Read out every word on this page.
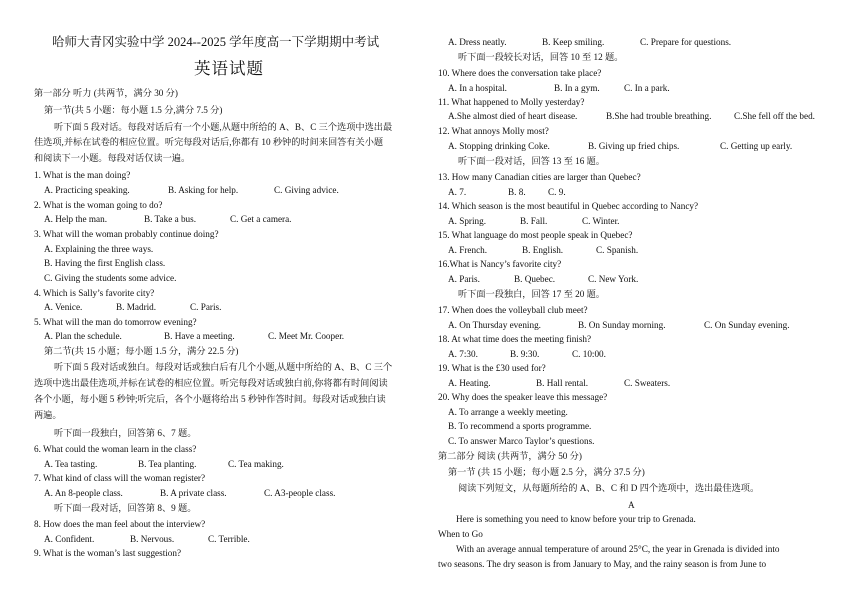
哈师大青冈实验中学 2024--2025 学年度高一下学期期中考试
英语试题
第一部分 听力 (共两节，满分 30 分)
第一节(共 5 小题：每小题 1.5 分,满分 7.5 分)
听下面 5 段对话。每段对话后有一个小题,从题中所给的 A、B、C 三个选项中选出最
佳选项,并标在试卷的相应位置。听完每段对话后,你都有 10 秒钟的时间来回答有关小题
和阅读下一小题。每段对话仅读一遍。
1. What is the man doing?
A. Practicing speaking.	B. Asking for help.	C. Giving advice.
2. What is the woman going to do?
A. Help the man.	B. Take a bus.	C. Get a camera.
3. What will the woman probably continue doing?
A. Explaining the three ways.
B. Having the first English class.
C. Giving the students some advice.
4. Which is Sally’s favorite city?
A. Venice.	B. Madrid.	C. Paris.
5. What will the man do tomorrow evening?
A. Plan the schedule.	B. Have a meeting.	C. Meet Mr. Cooper.
第二节(共 15 小题；每小题 1.5 分，满分 22.5 分)
听下面 5 段对话或独白。每段对话或独白后有几个小题,从题中所给的 A、B、C 三个
选项中选出最佳选项,并标在试卷的相应位置。听完每段对话或独白前,你将都有时间阅读
各个小题，每小题 5 秒钟;听完后，各个小题将给出 5 秒钟作答时间。每段对话或独白读
两遍。
听下面一段独白，回答第 6、7 题。
6. What could the woman learn in the class?
A. Tea tasting.	B. Tea planting.	C. Tea making.
7. What kind of class will the woman register?
A. An 8-people class.	B. A private class.	C. A3-people class.
听下面一段对话，回答第 8、9 题。
8. How does the man feel about the interview?
A. Confident.	B. Nervous.	C. Terrible.
9. What is the woman’s last suggestion?
A. Dress neatly.	B. Keep smiling.	C. Prepare for questions.
听下面一段较长对话，回答 10 至 12 题。
10. Where does the conversation take place?
A. In a hospital.	B. In a gym.	C. In a park.
11. What happened to Molly yesterday?
A.She almost died of heart disease.	B.She had trouble breathing. C.She fell off the bed.
12. What annoys Molly most?
A. Stopping drinking Coke.	B. Giving up fried chips.	C. Getting up early.
听下面一段对话，回答 13 至 16 题。
13. How many Canadian cities are larger than Quebec?
A. 7.	B. 8. C. 9.
14. Which season is the most beautiful in Quebec according to Nancy?
A. Spring.	B. Fall.	C. Winter.
15. What language do most people speak in Quebec?
A. French.	B. English.	C. Spanish.
16.What is Nancy’s favorite city?
A. Paris.	B. Quebec.	C. New York.
听下面一段独白，回答 17 至 20 题。
17. When does the volleyball club meet?
A. On Thursday evening.	B. On Sunday morning.	C. On Sunday evening.
18. At what time does the meeting finish?
A. 7:30.	B. 9:30.	C. 10:00.
19. What is the £30 used for?
A. Heating.	B. Hall rental.	C. Sweaters.
20. Why does the speaker leave this message?
A. To arrange a weekly meeting.
B. To recommend a sports programme.
C. To answer Marco Taylor’s questions.
第二部分 阅读 (共两节，满分 50 分)
第一节 (共 15 小题；每小题 2.5 分，满分 37.5 分)
阅读下列短文，从每题所给的 A、B、C 和 D 四个选项中，选出最佳选项。
A
Here is something you need to know before your trip to Grenada.
When to Go
With an average annual temperature of around 25°C, the year in Grenada is divided into
two seasons. The dry season is from January to May, and the rainy season is from June to
